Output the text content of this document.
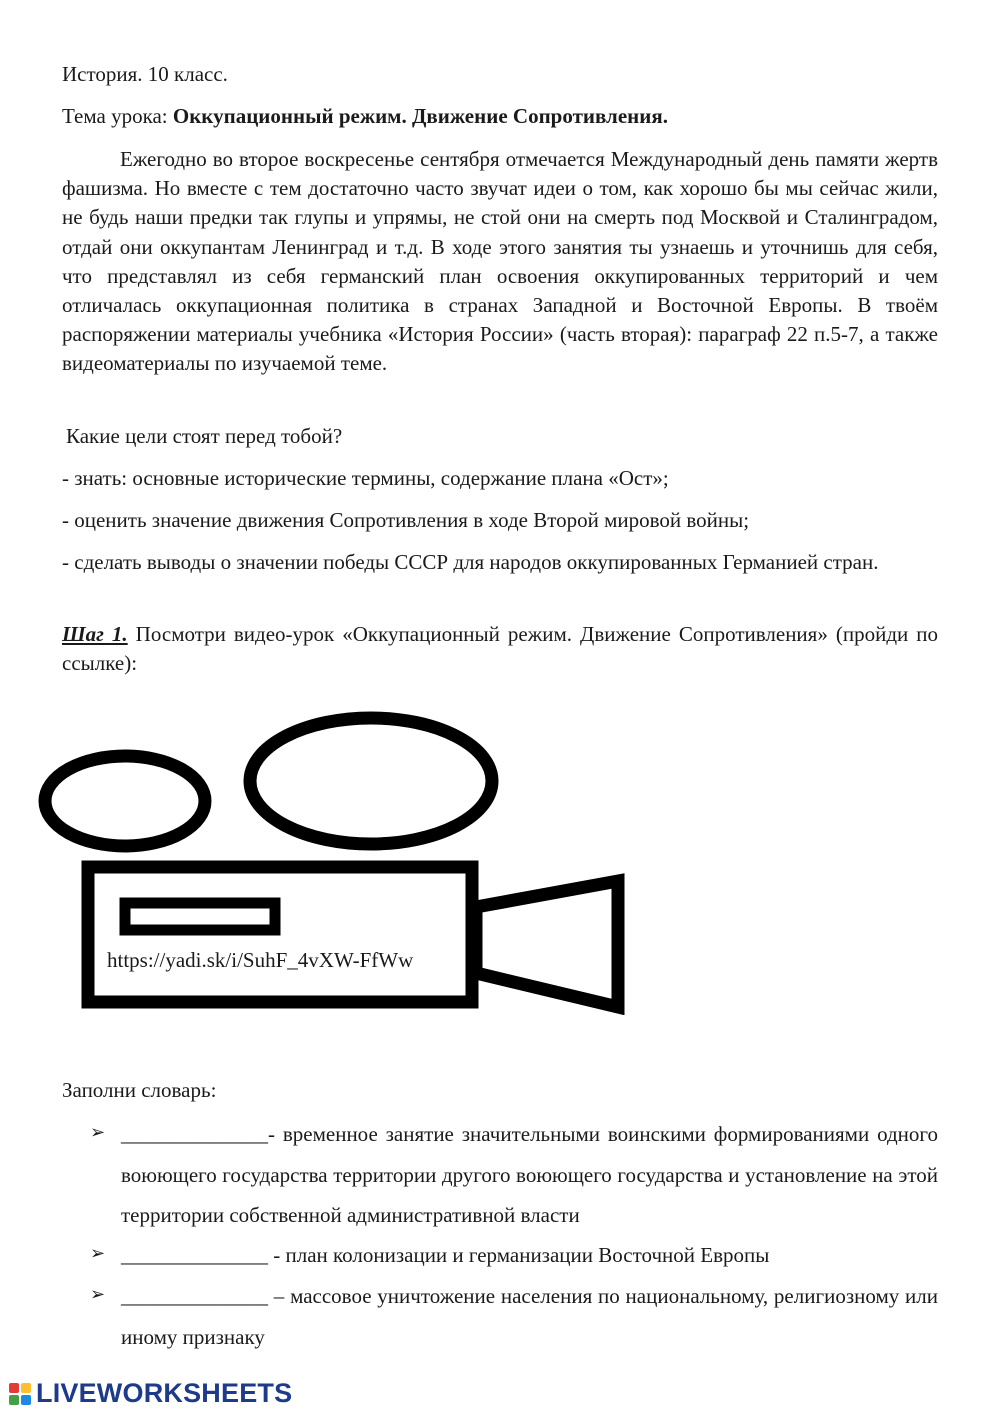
История. 10 класс.
Тема урока: Оккупационный режим. Движение Сопротивления.

Ежегодно во второе воскресенье сентября отмечается Международный день памяти жертв фашизма. Но вместе с тем достаточно часто звучат идеи о том, как хорошо бы мы сейчас жили, не будь наши предки так глупы и упрямы, не стой они на смерть под Москвой и Сталинградом, отдай они оккупантам Ленинград и т.д. В ходе этого занятия ты узнаешь и уточнишь для себя, что представлял из себя германский план освоения оккупированных территорий и чем отличалась оккупационная политика в странах Западной и Восточной Европы. В твоём распоряжении материалы учебника «История России» (часть вторая): параграф 22 п.5-7, а также видеоматериалы по изучаемой теме.

Какие цели стоят перед тобой?
- знать: основные исторические термины, содержание плана «Ост»;
- оценить значение движения Сопротивления в ходе Второй мировой войны;

- сделать выводы о значении победы СССР для народов оккупированных Германией стран.

Шаг 1. Посмотри видео-урок «Оккупационный режим. Движение Сопротивления» (пройди по ссылке):

https://yadi.sk/i/SuhF_4vXW-FfWw
Заполни словарь:
➢ ______________- временное занятие значительными воинскими формированиями одного воюющего государства территории другого воюющего государства и установление на этой территории собственной административной власти

➢ ______________ - план колонизации и германизации Восточной Европы

➢ ______________ – массовое уничтожение населения по национальному, религиозному или иному признаку

LIVEWORKSHEETS
